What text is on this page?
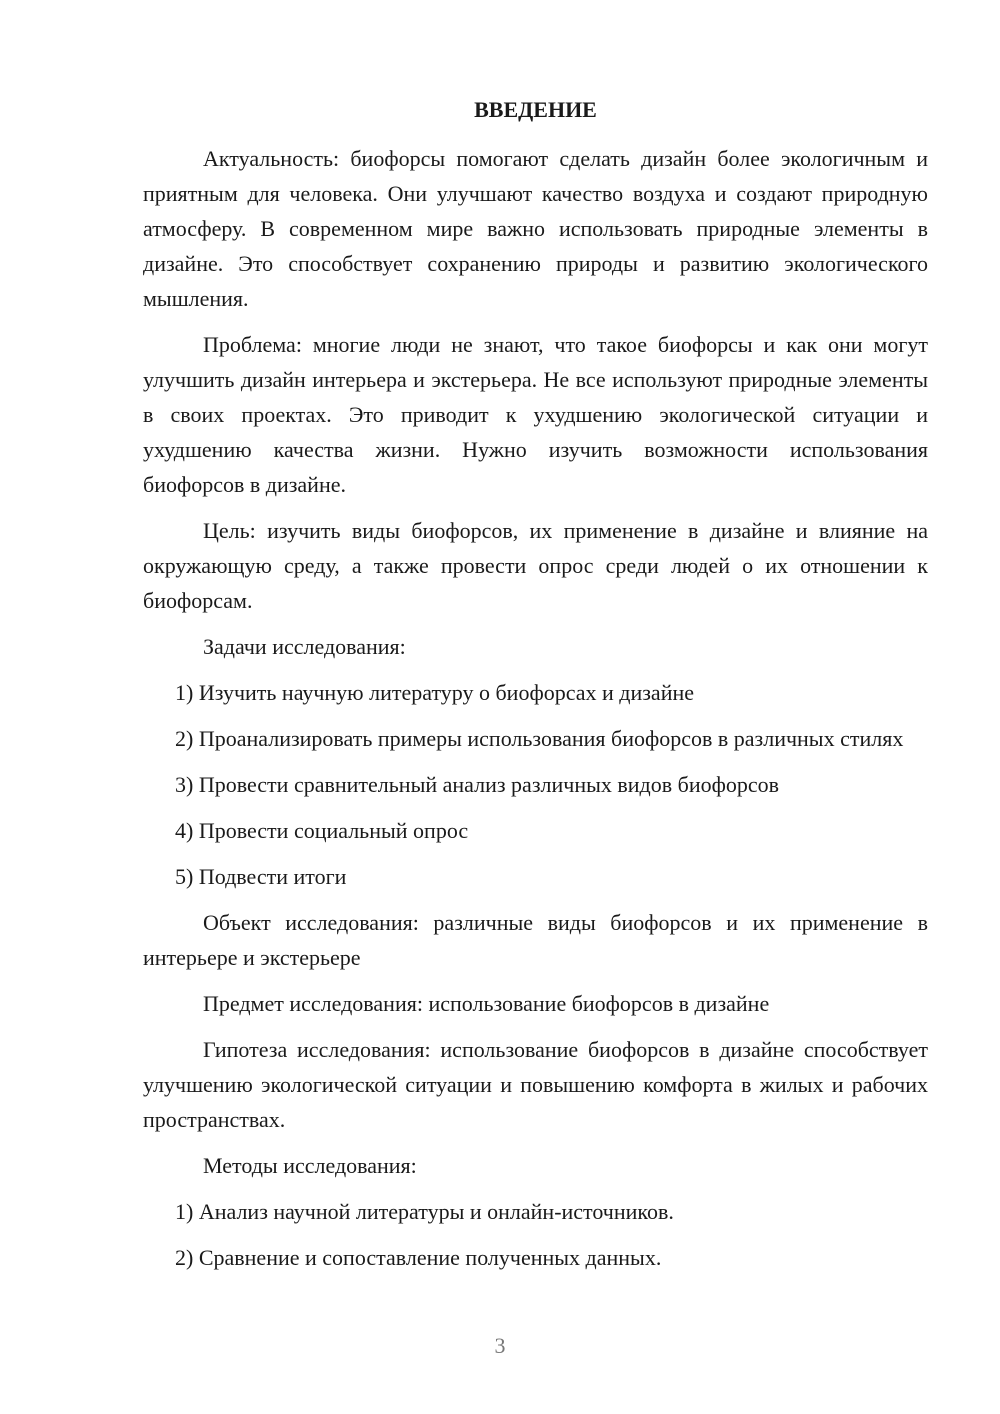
ВВЕДЕНИЕ

Актуальность: биофорсы помогают сделать дизайн более экологичным и приятным для человека. Они улучшают качество воздуха и создают природную атмосферу. В современном мире важно использовать природные элементы в дизайне. Это способствует сохранению природы и развитию экологического мышления.

Проблема: многие люди не знают, что такое биофорсы и как они могут улучшить дизайн интерьера и экстерьера. Не все используют природные элементы в своих проектах. Это приводит к ухудшению экологической ситуации и ухудшению качества жизни. Нужно изучить возможности использования биофорсов в дизайне.

Цель: изучить виды биофорсов, их применение в дизайне и влияние на окружающую среду, а также провести опрос среди людей о их отношении к биофорсам.

Задачи исследования:

1) Изучить научную литературу о биофорсах и дизайне

2) Проанализировать примеры использования биофорсов в различных стилях

3) Провести сравнительный анализ различных видов биофорсов

4) Провести социальный опрос

5) Подвести итоги

Объект исследования: различные виды биофорсов и их применение в интерьере и экстерьере

Предмет исследования: использование биофорсов в дизайне

Гипотеза исследования: использование биофорсов в дизайне способствует улучшению экологической ситуации и повышению комфорта в жилых и рабочих пространствах.

Методы исследования:

1) Анализ научной литературы и онлайн-источников.

2) Сравнение и сопоставление полученных данных.

3
